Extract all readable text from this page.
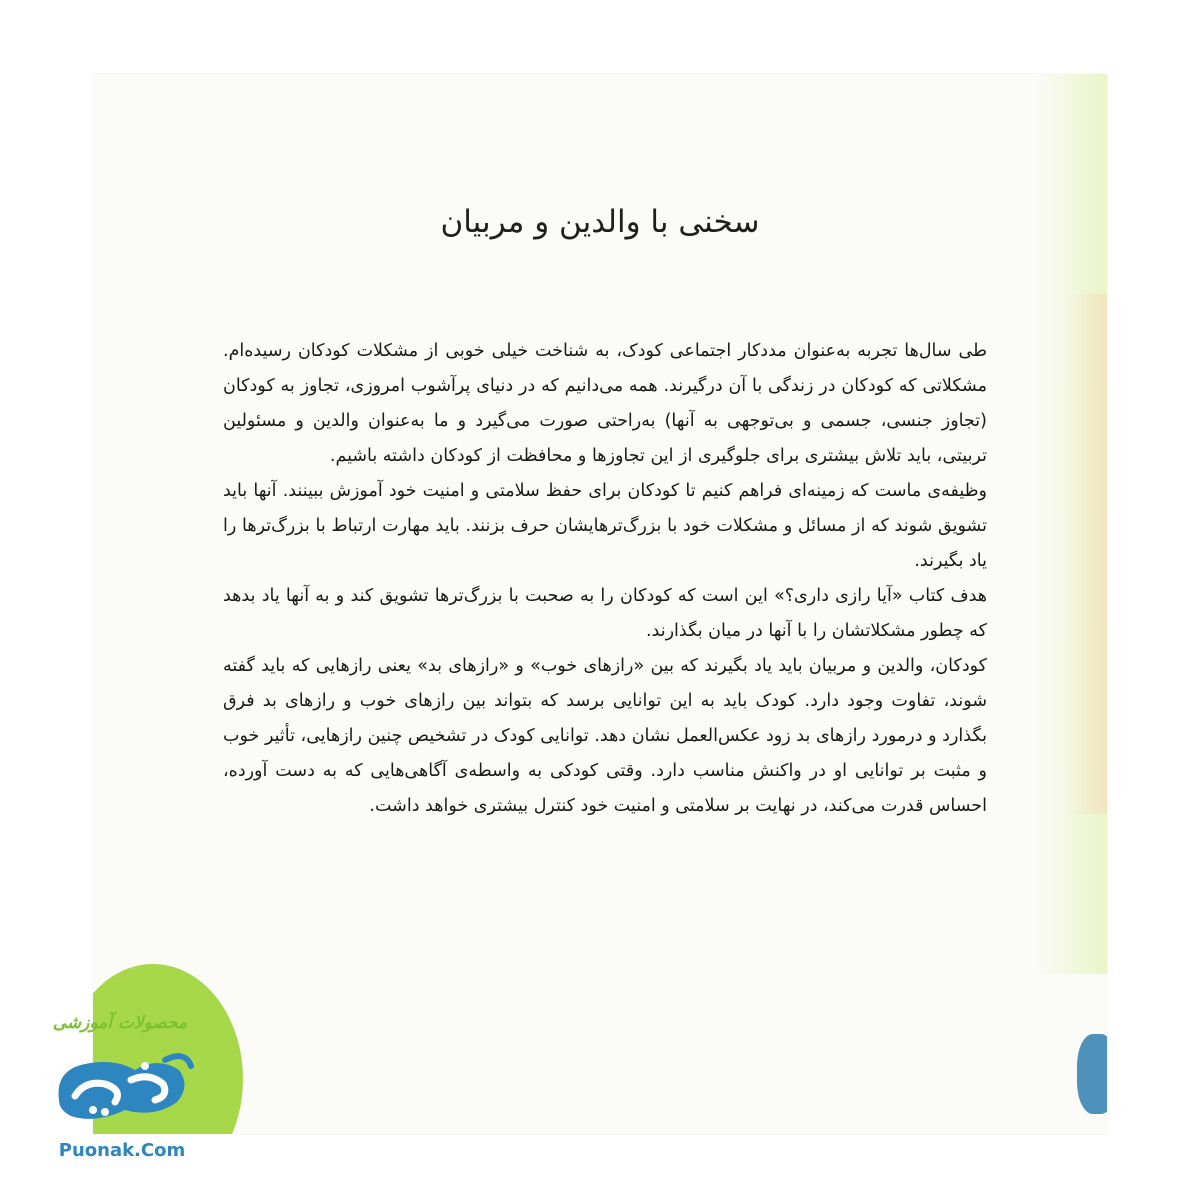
سخنی با والدین و مربیان

طی سال‌ها تجربه به‌عنوان مددکار اجتماعی کودک، به شناخت خیلی خوبی از مشکلات کودکان رسیده‌ام. مشکلاتی که کودکان در زندگی با آن درگیرند. همه می‌دانیم که در دنیای پرآشوب امروزی، تجاوز به کودکان (تجاوز جنسی، جسمی و بی‌توجهی به آنها) به‌راحتی صورت می‌گیرد و ما به‌عنوان والدین و مسئولین تربیتی، باید تلاش بیشتری برای جلوگیری از این تجاوزها و محافظت از کودکان داشته باشیم.

وظیفه‌ی ماست که زمینه‌ای فراهم کنیم تا کودکان برای حفظ سلامتی و امنیت خود آموزش ببینند. آنها باید تشویق شوند که از مسائل و مشکلات خود با بزرگ‌ترهایشان حرف بزنند. باید مهارت ارتباط با بزرگ‌ترها را یاد بگیرند.

هدف کتاب «آیا رازی داری؟» این است که کودکان را به صحبت با بزرگ‌ترها تشویق کند و به آنها یاد بدهد که چطور مشکلاتشان را با آنها در میان بگذارند.

کودکان، والدین و مربیان باید یاد بگیرند که بین «رازهای خوب» و «رازهای بد» یعنی رازهایی که باید گفته شوند، تفاوت وجود دارد. کودک باید به این توانایی برسد که بتواند بین رازهای خوب و رازهای بد فرق بگذارد و درمورد رازهای بد زود عکس‌العمل نشان دهد. توانایی کودک در تشخیص چنین رازهایی، تأثیر خوب و مثبت بر توانایی او در واکنش مناسب دارد. وقتی کودکی به واسطه‌ی آگاهی‌هایی که به دست آورده، احساس قدرت می‌کند، در نهایت بر سلامتی و امنیت خود کنترل بیشتری خواهد داشت.

محصولات آموزشی
Puonak.Com
